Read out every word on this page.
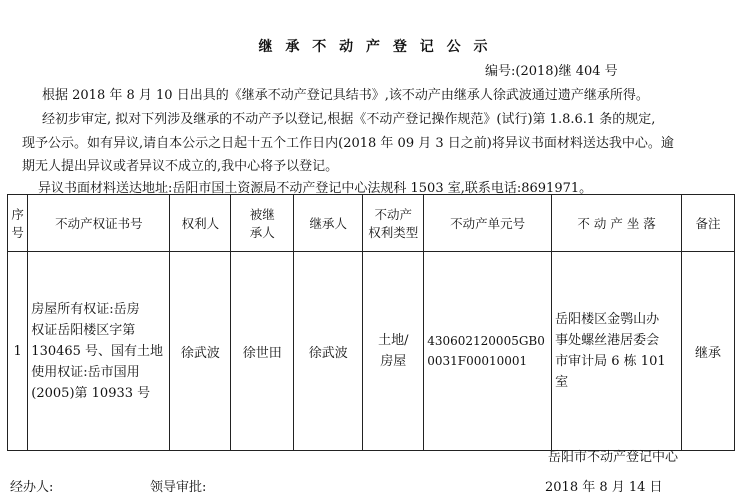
继 承 不 动 产 登 记 公 示
编号:(2018)继 404 号
根据 2018 年 8 月 10 日出具的《继承不动产登记具结书》,该不动产由继承人徐武波通过遗产继承所得。
经初步审定, 拟对下列涉及继承的不动产予以登记,根据《不动产登记操作规范》(试行)第 1.8.6.1 条的规定,
现予公示。如有异议,请自本公示之日起十五个工作日内(2018 年 09 月 3 日之前)将异议书面材料送达我中心。逾
期无人提出异议或者异议不成立的,我中心将予以登记。
异议书面材料送达地址:岳阳市国土资源局不动产登记中心法规科 1503 室,联系电话:8691971。
序
号	不动产权证书号	权利人	被继
承人	继承人	不动产
权利类型	不动产单元号	不 动 产 坐 落	备注
1	房屋所有权证:岳房
权证岳阳楼区字第
130465 号、国有土地
使用权证:岳市国用
(2005)第 10933 号	徐武波	徐世田	徐武波	土地/
房屋	430602120005GB0
0031F00010001	岳阳楼区金鹗山办
事处螺丝港居委会
市审计局 6 栋 101 室	继承
岳阳市不动产登记中心
经办人:	领导审批:	2018 年 8 月 14 日
